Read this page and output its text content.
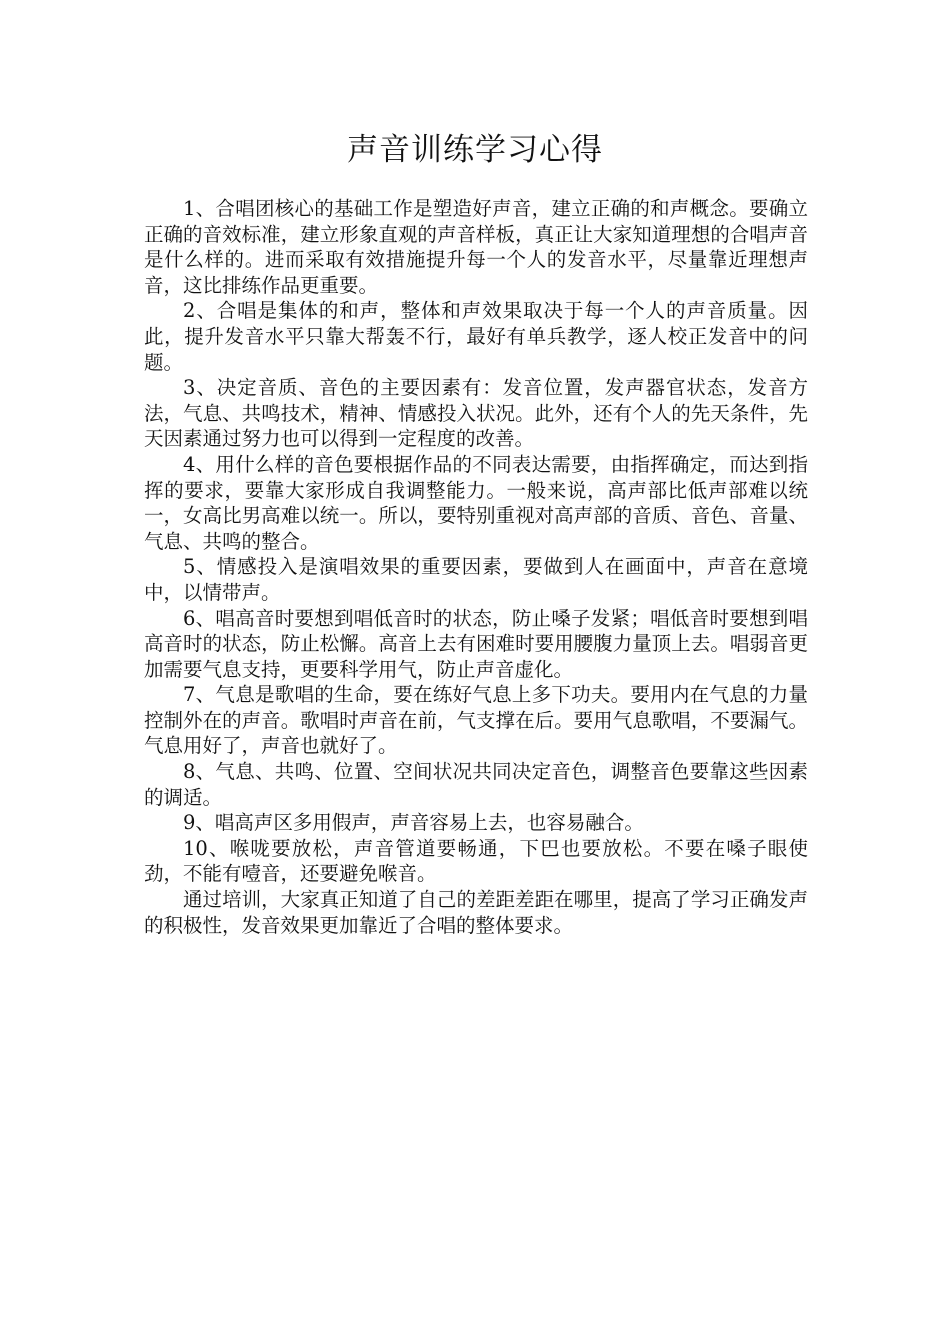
声音训练学习心得

1、合唱团核心的基础工作是塑造好声音，建立正确的和声概念。要确立正确的音效标准，建立形象直观的声音样板，真正让大家知道理想的合唱声音是什么样的。进而采取有效措施提升每一个人的发音水平，尽量靠近理想声音，这比排练作品更重要。

2、合唱是集体的和声，整体和声效果取决于每一个人的声音质量。因此，提升发音水平只靠大帮轰不行，最好有单兵教学，逐人校正发音中的问题。

3、决定音质、音色的主要因素有：发音位置，发声器官状态，发音方法，气息、共鸣技术，精神、情感投入状况。此外，还有个人的先天条件，先天因素通过努力也可以得到一定程度的改善。

4、用什么样的音色要根据作品的不同表达需要，由指挥确定，而达到指挥的要求，要靠大家形成自我调整能力。一般来说，高声部比低声部难以统一，女高比男高难以统一。所以，要特别重视对高声部的音质、音色、音量、气息、共鸣的整合。

5、情感投入是演唱效果的重要因素，要做到人在画面中，声音在意境中，以情带声。

6、唱高音时要想到唱低音时的状态，防止嗓子发紧；唱低音时要想到唱高音时的状态，防止松懈。高音上去有困难时要用腰腹力量顶上去。唱弱音更加需要气息支持，更要科学用气，防止声音虚化。

7、气息是歌唱的生命，要在练好气息上多下功夫。要用内在气息的力量控制外在的声音。歌唱时声音在前，气支撑在后。要用气息歌唱，不要漏气。气息用好了，声音也就好了。

8、气息、共鸣、位置、空间状况共同决定音色，调整音色要靠这些因素的调适。

9、唱高声区多用假声，声音容易上去，也容易融合。

10、喉咙要放松，声音管道要畅通，下巴也要放松。不要在嗓子眼使劲，不能有噎音，还要避免喉音。

通过培训，大家真正知道了自己的差距差距在哪里，提高了学习正确发声的积极性，发音效果更加靠近了合唱的整体要求。
